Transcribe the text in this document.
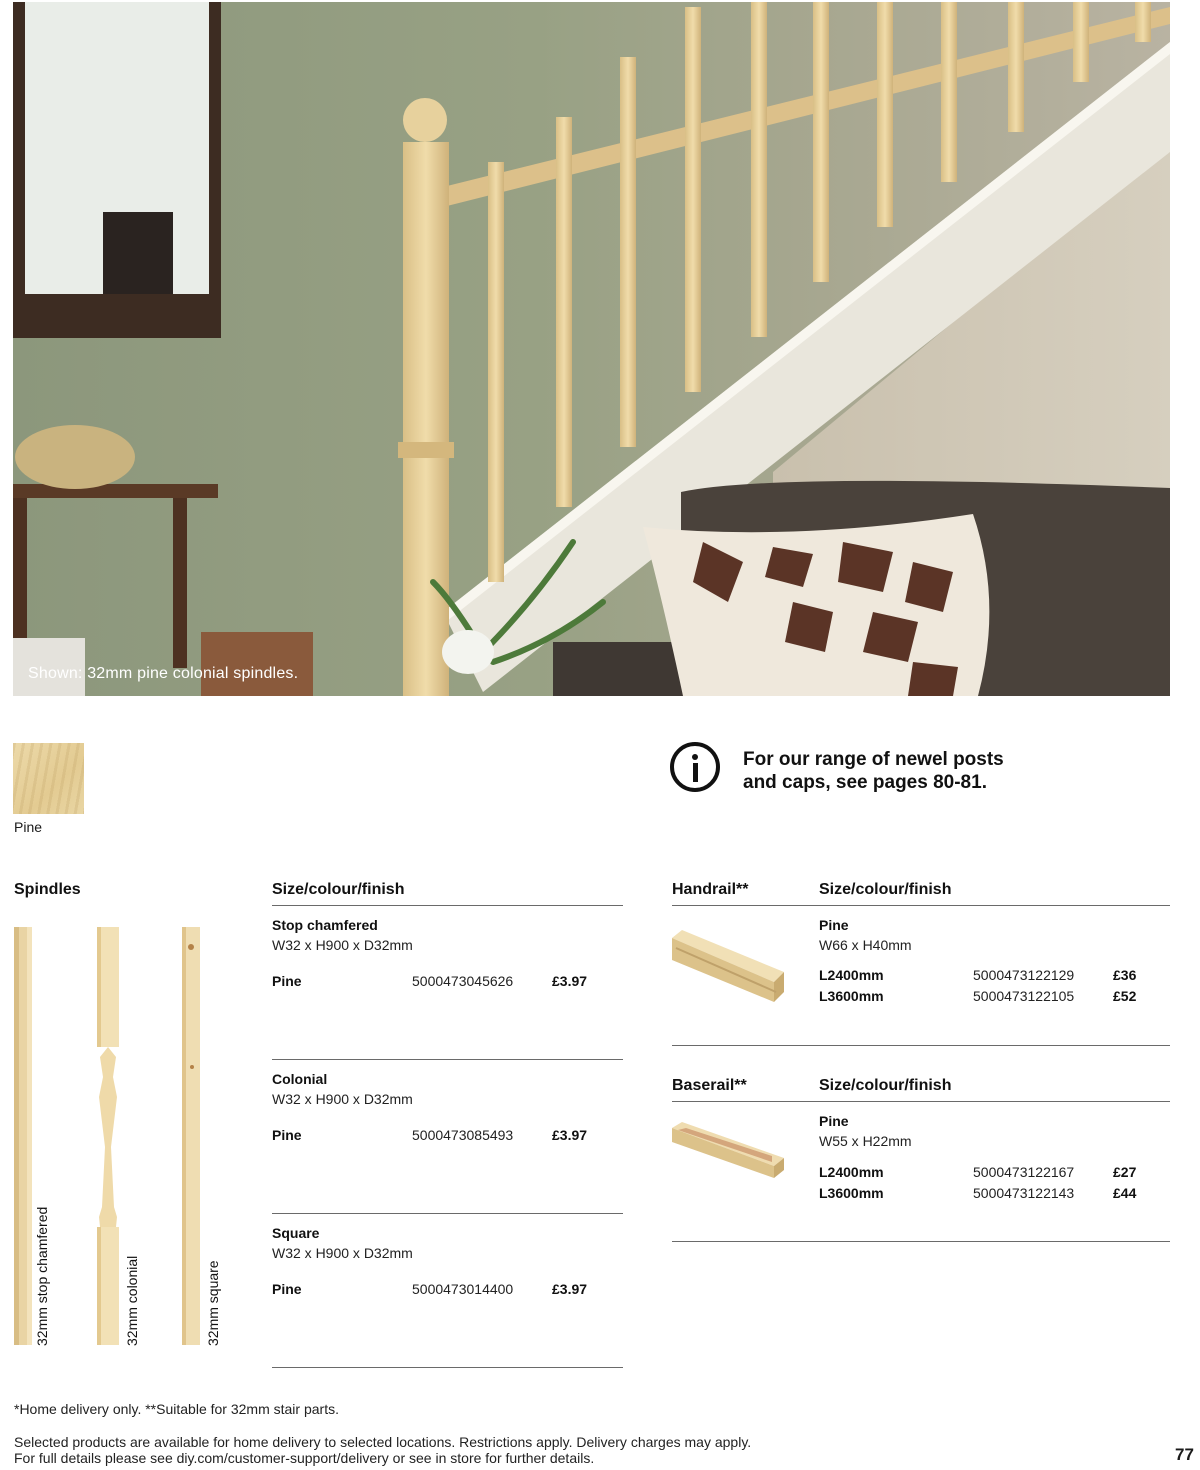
Shown: 32mm pine colonial spindles.
Pine
For our range of newel posts
and caps, see pages 80-81.
Spindles	Size/colour/finish
32mm stop chamfered	32mm colonial	32mm square
Stop chamfered
W32 x H900 x D32mm
Pine	5000473045626	£3.97
Colonial
W32 x H900 x D32mm
Pine	5000473085493	£3.97
Square
W32 x H900 x D32mm
Pine	5000473014400	£3.97
Handrail**	Size/colour/finish
Pine
W66 x H40mm
L2400mm	5000473122129	£36
L3600mm	5000473122105	£52
Baserail**	Size/colour/finish
Pine
W55 x H22mm
L2400mm	5000473122167	£27
L3600mm	5000473122143	£44
*Home delivery only. **Suitable for 32mm stair parts.
Selected products are available for home delivery to selected locations. Restrictions apply. Delivery charges may apply.
For full details please see diy.com/customer-support/delivery or see in store for further details.	77
